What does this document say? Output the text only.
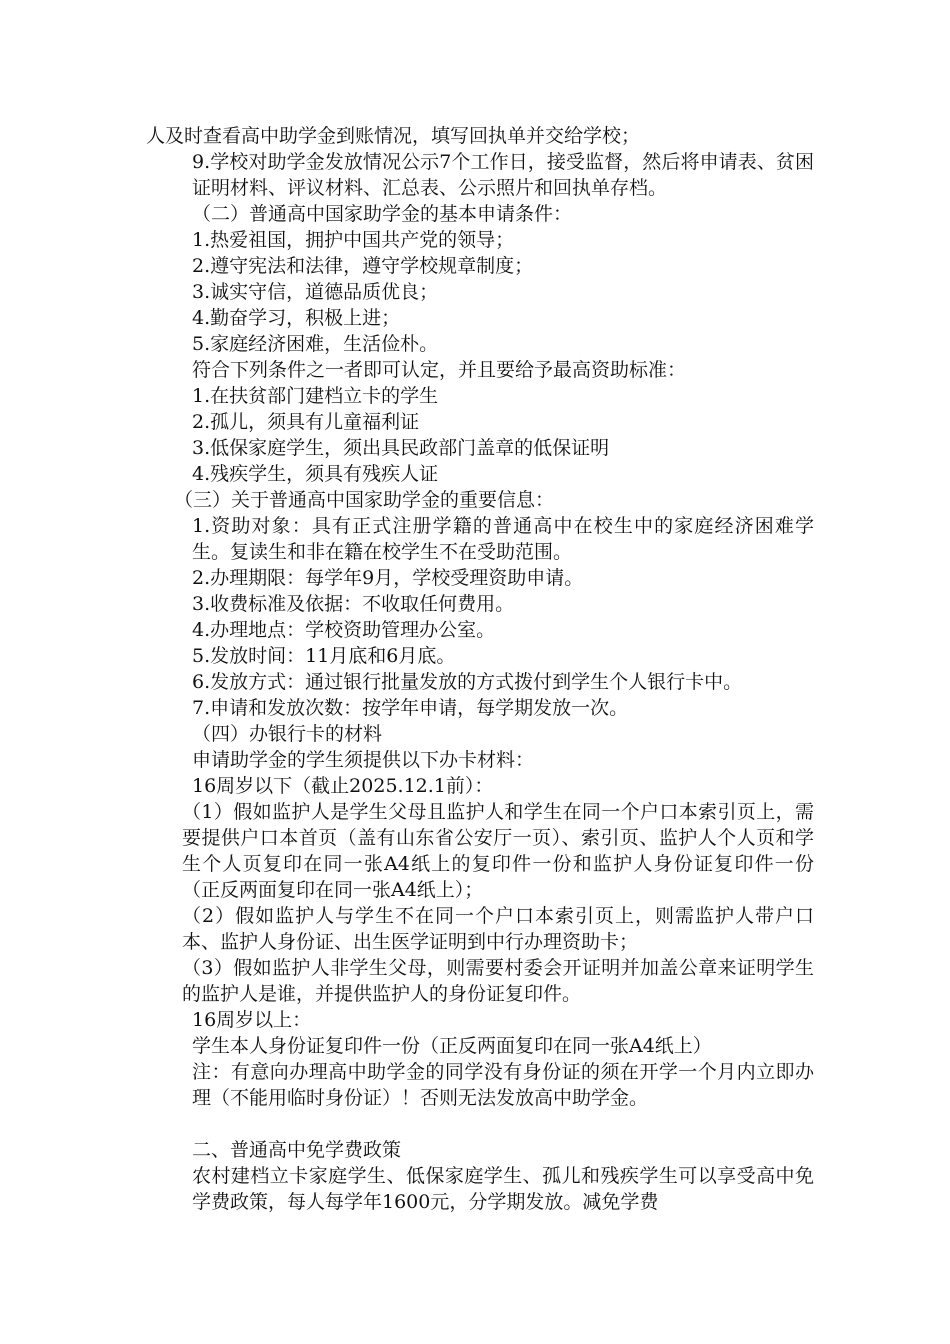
人及时查看高中助学金到账情况，填写回执单并交给学校；

9.学校对助学金发放情况公示7个工作日，接受监督，然后将申请表、贫困证明材料、评议材料、汇总表、公示照片和回执单存档。

（二）普通高中国家助学金的基本申请条件：

1.热爱祖国，拥护中国共产党的领导；

2.遵守宪法和法律，遵守学校规章制度；

3.诚实守信，道德品质优良；

4.勤奋学习，积极上进；

5.家庭经济困难，生活俭朴。

符合下列条件之一者即可认定，并且要给予最高资助标准：

1.在扶贫部门建档立卡的学生

2.孤儿，须具有儿童福利证

3.低保家庭学生，须出具民政部门盖章的低保证明

4.残疾学生，须具有残疾人证

（三）关于普通高中国家助学金的重要信息：

1.资助对象：具有正式注册学籍的普通高中在校生中的家庭经济困难学生。复读生和非在籍在校学生不在受助范围。

2.办理期限：每学年9月，学校受理资助申请。

3.收费标准及依据：不收取任何费用。

4.办理地点：学校资助管理办公室。

5.发放时间：11月底和6月底。

6.发放方式：通过银行批量发放的方式拨付到学生个人银行卡中。

7.申请和发放次数：按学年申请，每学期发放一次。

（四）办银行卡的材料

申请助学金的学生须提供以下办卡材料：

16周岁以下（截止2025.12.1前）：

（1）假如监护人是学生父母且监护人和学生在同一个户口本索引页上，需要提供户口本首页（盖有山东省公安厅一页）、索引页、监护人个人页和学生个人页复印在同一张A4纸上的复印件一份和监护人身份证复印件一份（正反两面复印在同一张A4纸上）；

（2）假如监护人与学生不在同一个户口本索引页上，则需监护人带户口本、监护人身份证、出生医学证明到中行办理资助卡；

（3）假如监护人非学生父母，则需要村委会开证明并加盖公章来证明学生的监护人是谁，并提供监护人的身份证复印件。

16周岁以上：

学生本人身份证复印件一份（正反两面复印在同一张A4纸上）

注：有意向办理高中助学金的同学没有身份证的须在开学一个月内立即办理（不能用临时身份证）！否则无法发放高中助学金。

二、普通高中免学费政策

农村建档立卡家庭学生、低保家庭学生、孤儿和残疾学生可以享受高中免学费政策，每人每学年1600元，分学期发放。减免学费
